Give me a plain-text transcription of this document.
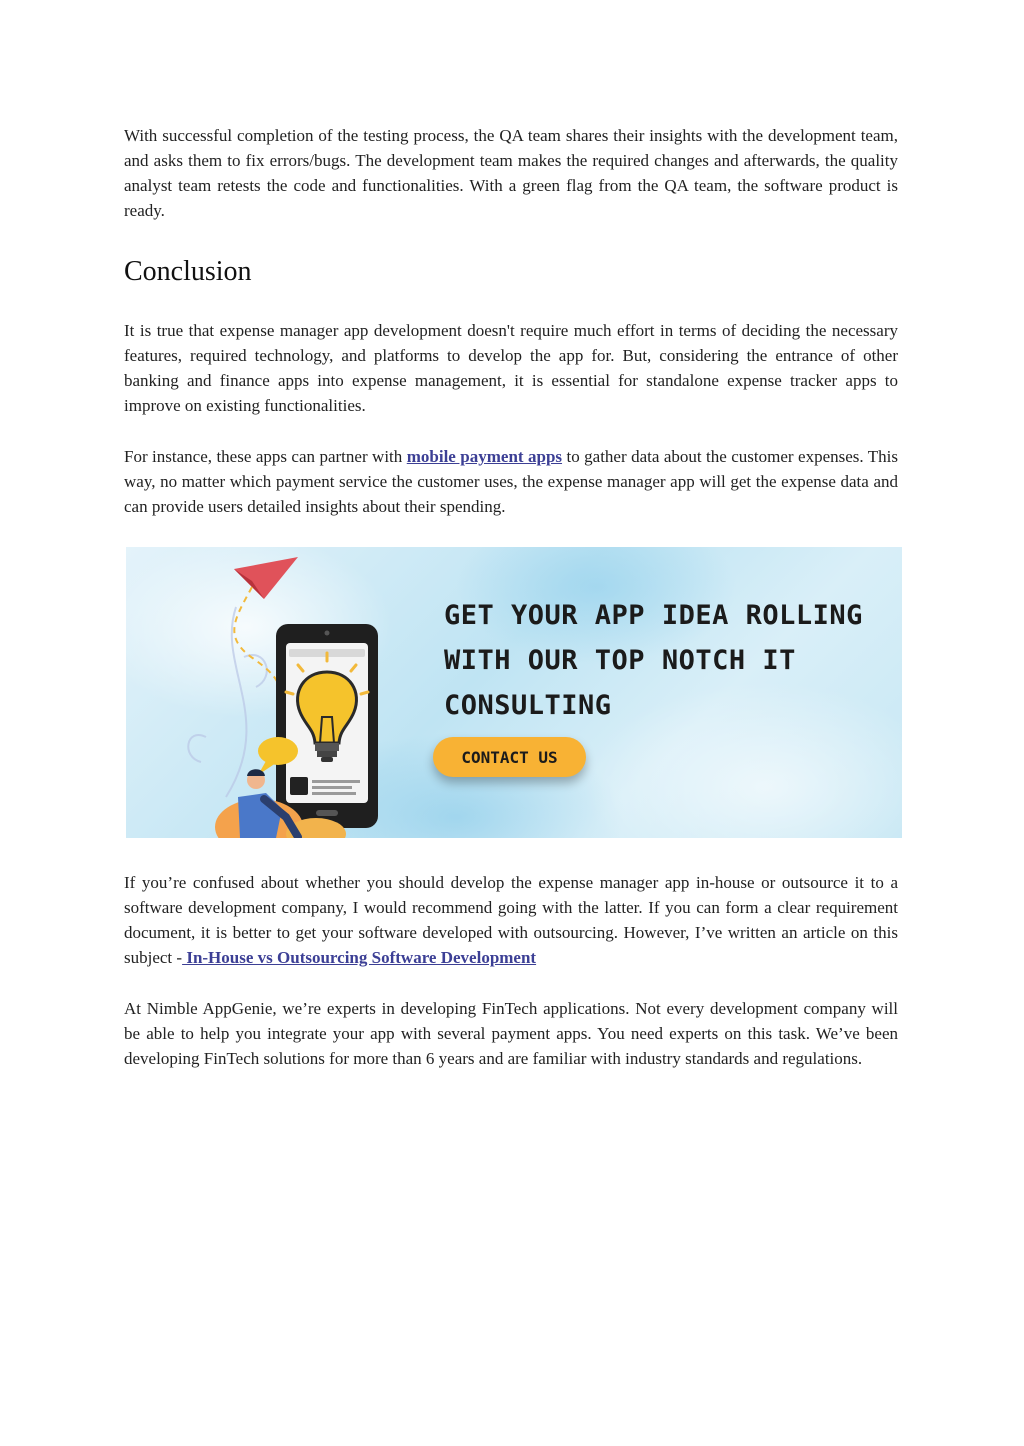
With successful completion of the testing process, the QA team shares their insights with the development team, and asks them to fix errors/bugs. The development team makes the required changes and afterwards, the quality analyst team retests the code and functionalities. With a green flag from the QA team, the software product is ready.

Conclusion

It is true that expense manager app development doesn't require much effort in terms of deciding the necessary features, required technology, and platforms to develop the app for. But, considering the entrance of other banking and finance apps into expense management, it is essential for standalone expense tracker apps to improve on existing functionalities.

For instance, these apps can partner with mobile payment apps to gather data about the customer expenses. This way, no matter which payment service the customer uses, the expense manager app will get the expense data and can provide users detailed insights about their spending.

GET YOUR APP IDEA ROLLING
WITH OUR TOP NOTCH IT
CONSULTING
CONTACT US

If you’re confused about whether you should develop the expense manager app in-house or outsource it to a software development company, I would recommend going with the latter. If you can form a clear requirement document, it is better to get your software developed with outsourcing. However, I’ve written an article on this subject - In-House vs Outsourcing Software Development

At Nimble AppGenie, we’re experts in developing FinTech applications. Not every development company will be able to help you integrate your app with several payment apps. You need experts on this task. We’ve been developing FinTech solutions for more than 6 years and are familiar with industry standards and regulations.
